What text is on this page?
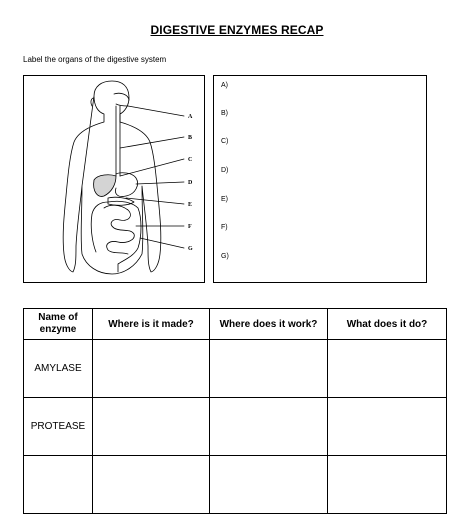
DIGESTIVE ENZYMES RECAP
Label the organs of the digestive system
A
B
C
D
E
F
G
A)
B)
C)
D)
E)
F)
G)
Name of enzyme	Where is it made?	Where does it work?	What does it do?
AMYLASE			
PROTEASE			
